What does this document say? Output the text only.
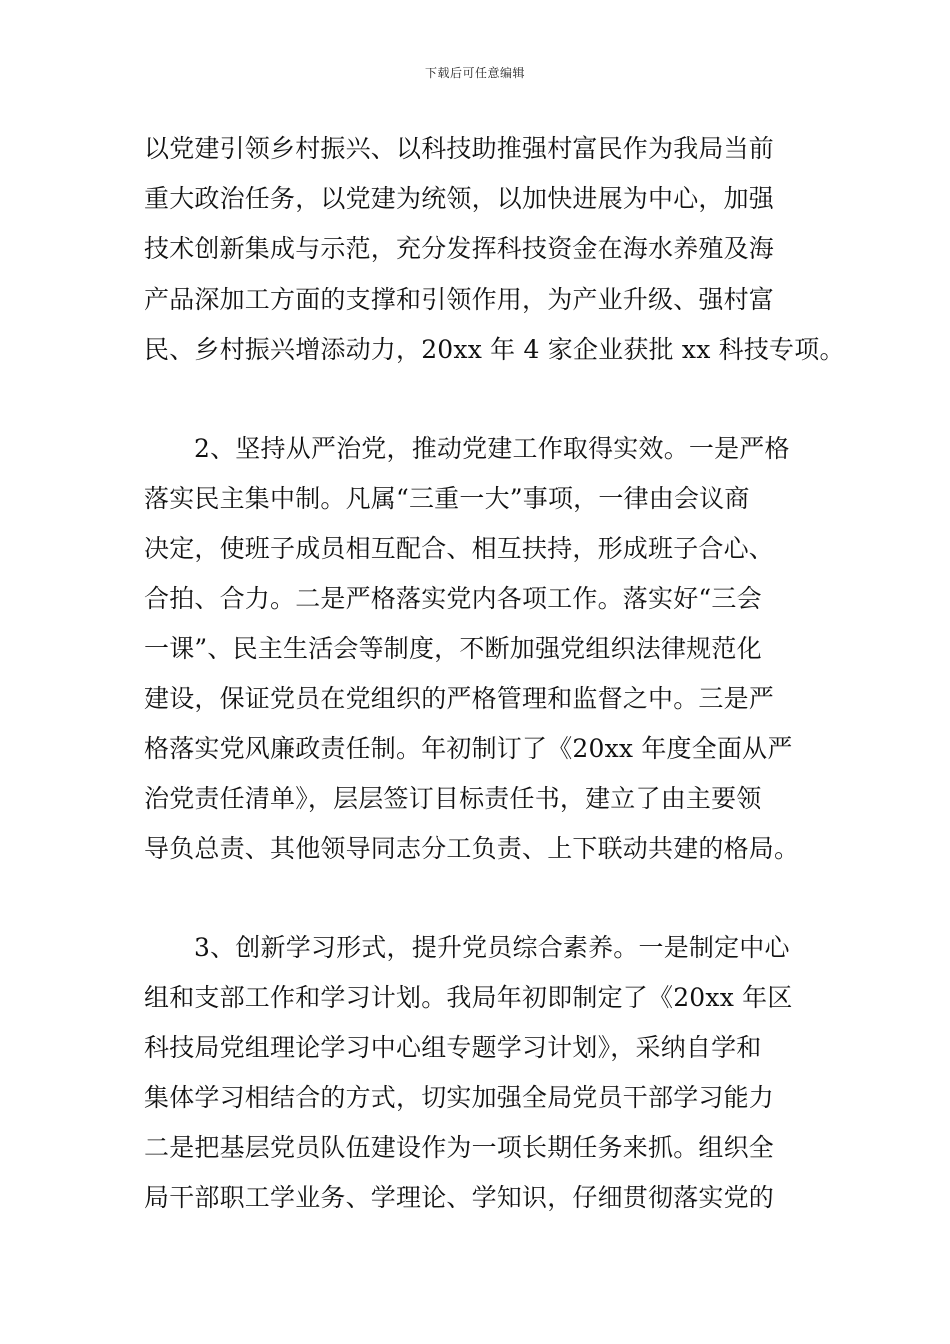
下载后可任意编辑
以党建引领乡村振兴、以科技助推强村富民作为我局当前
重大政治任务，以党建为统领，以加快进展为中心，加强
技术创新集成与示范，充分发挥科技资金在海水养殖及海
产品深加工方面的支撑和引领作用，为产业升级、强村富
民、乡村振兴增添动力，20xx 年 4 家企业获批 xx 科技专项。
2、坚持从严治党，推动党建工作取得实效。一是严格
落实民主集中制。凡属“三重一大”事项，一律由会议商
决定，使班子成员相互配合、相互扶持，形成班子合心、
合拍、合力。二是严格落实党内各项工作。落实好“三会
一课”、民主生活会等制度，不断加强党组织法律规范化
建设，保证党员在党组织的严格管理和监督之中。三是严
格落实党风廉政责任制。年初制订了《20xx 年度全面从严
治党责任清单》，层层签订目标责任书，建立了由主要领
导负总责、其他领导同志分工负责、上下联动共建的格局。
3、创新学习形式，提升党员综合素养。一是制定中心
组和支部工作和学习计划。我局年初即制定了《20xx 年区
科技局党组理论学习中心组专题学习计划》，采纳自学和
集体学习相结合的方式，切实加强全局党员干部学习能力
二是把基层党员队伍建设作为一项长期任务来抓。组织全
局干部职工学业务、学理论、学知识，仔细贯彻落实党的
